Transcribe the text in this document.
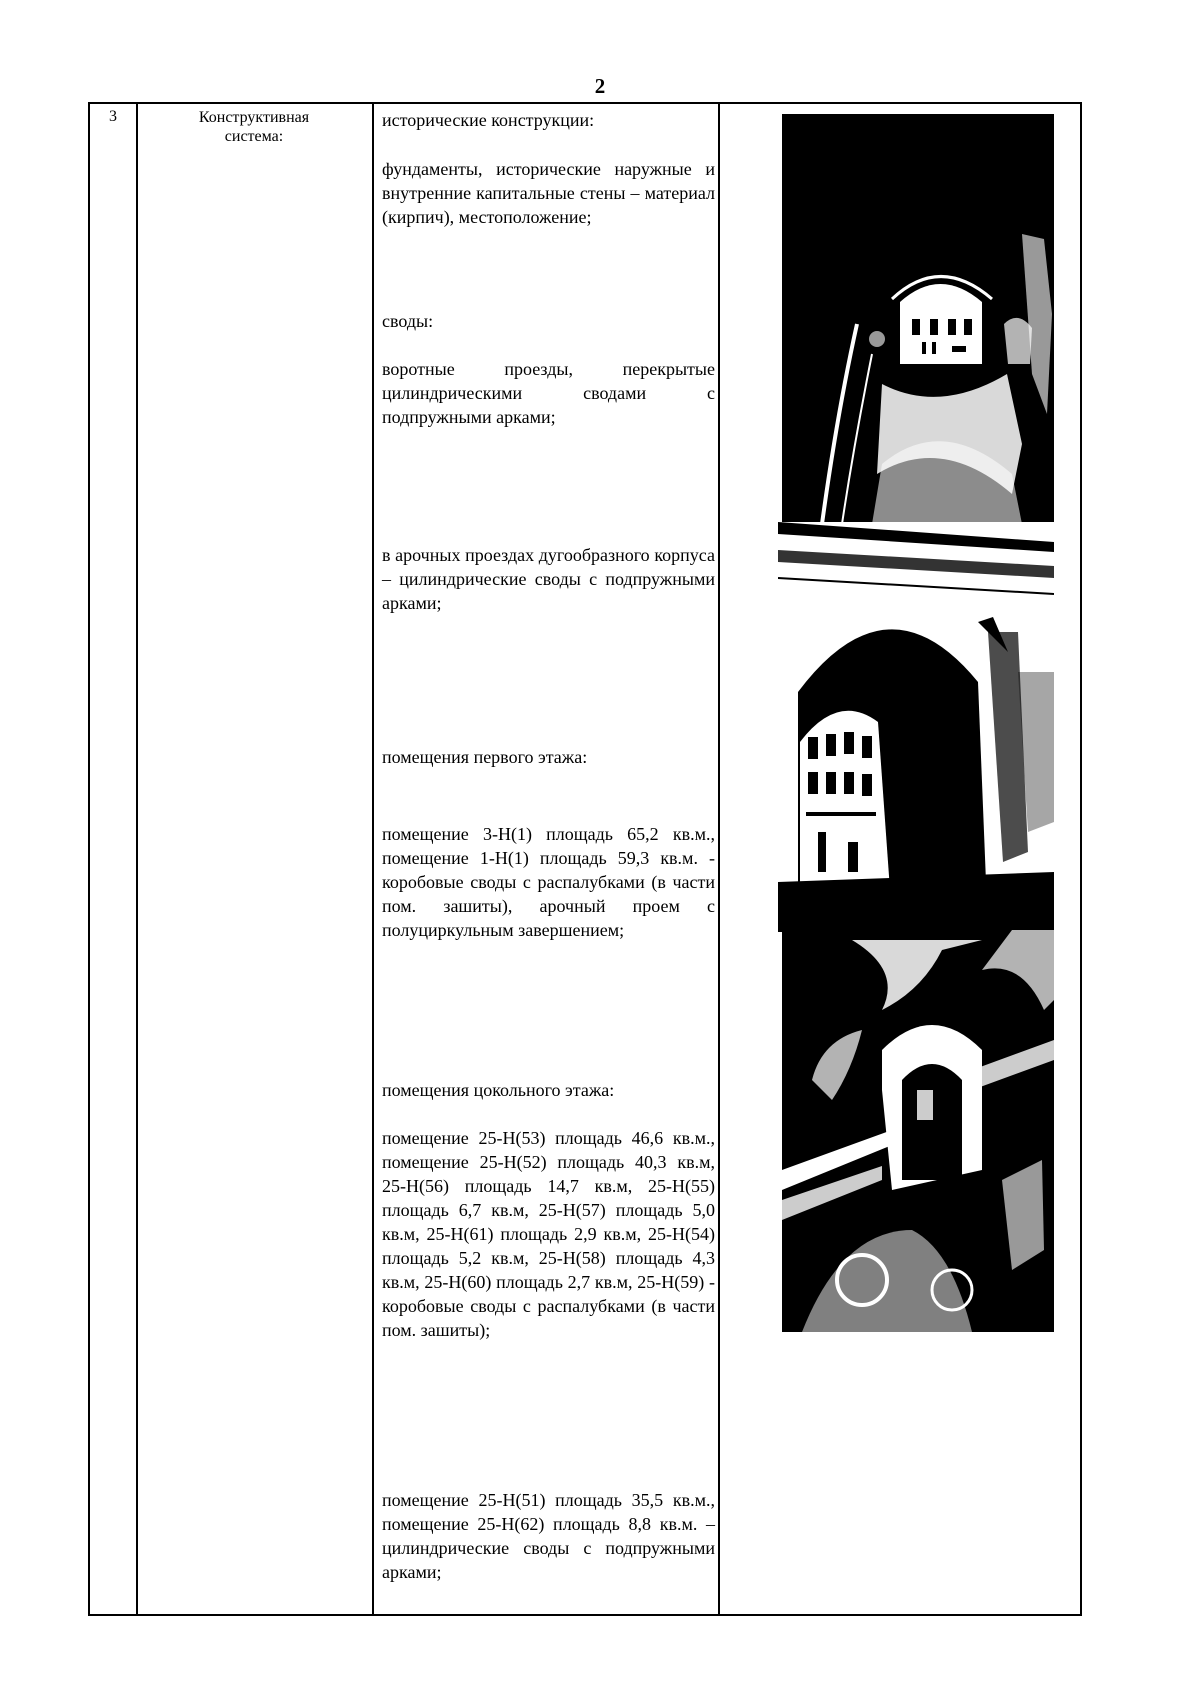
2
3	Конструктивная
система:
исторические конструкции:
фундаменты, исторические наружные и внутренние капитальные стены – материал (кирпич), местоположение;
своды:
воротные проезды, перекрытые цилиндрическими сводами с подпружными арками;
в арочных проездах дугообразного корпуса – цилиндрические своды с подпружными арками;
помещения первого этажа:
помещение 3-Н(1) площадь 65,2 кв.м., помещение 1-Н(1) площадь 59,3 кв.м. - коробовые своды с распалубками (в части пом. зашиты), арочный проем с полуциркульным завершением;
помещения цокольного этажа:
помещение 25-Н(53) площадь 46,6 кв.м., помещение 25-Н(52) площадь 40,3 кв.м, 25-Н(56) площадь 14,7 кв.м, 25-Н(55) площадь 6,7 кв.м, 25-Н(57) площадь 5,0 кв.м, 25-Н(61) площадь 2,9 кв.м, 25-Н(54) площадь 5,2 кв.м, 25-Н(58) площадь 4,3 кв.м, 25-Н(60) площадь 2,7 кв.м, 25-Н(59) - коробовые своды с распалубками (в части пом. зашиты);
помещение 25-Н(51) площадь 35,5 кв.м., помещение 25-Н(62) площадь 8,8 кв.м. – цилиндрические своды с подпружными арками;
